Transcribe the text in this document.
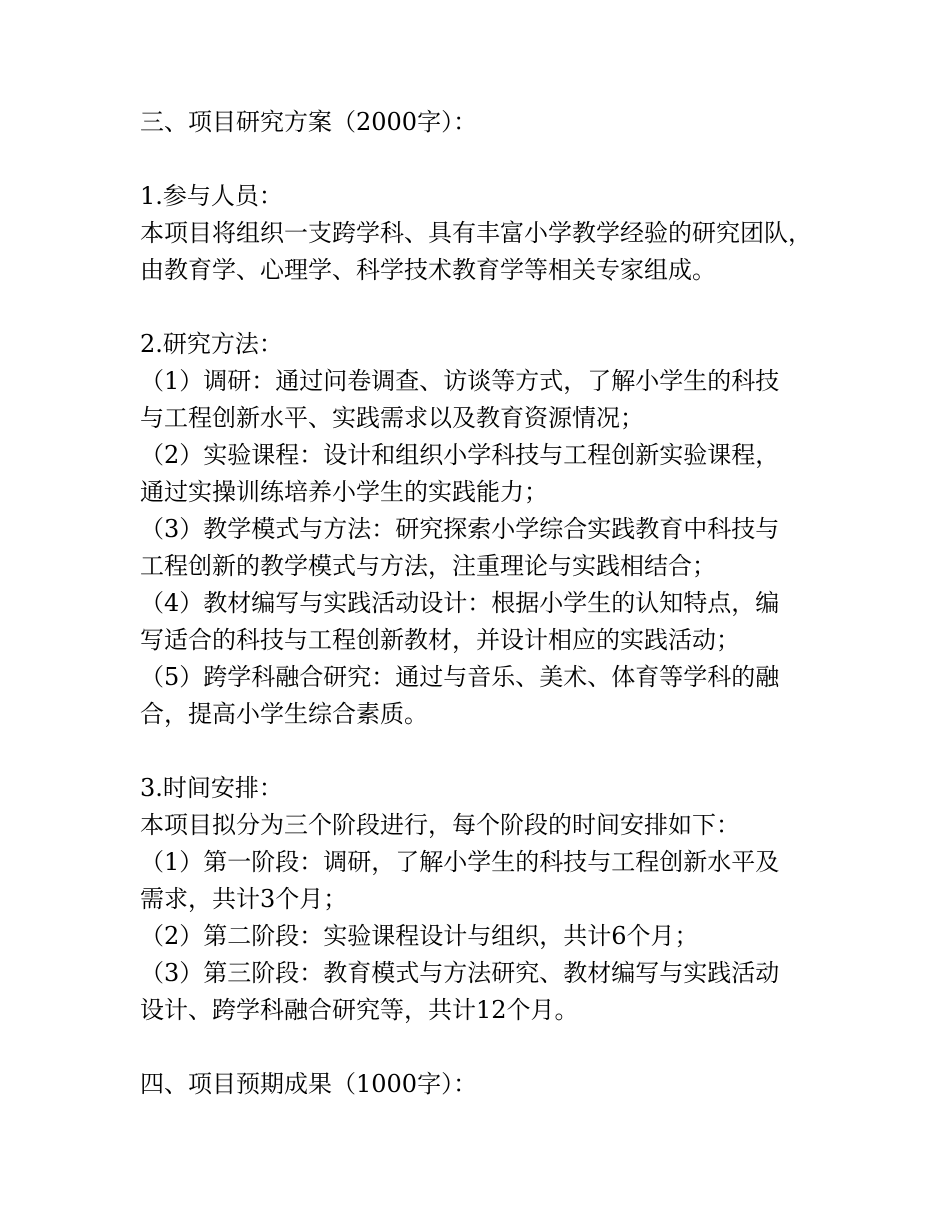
三、项目研究方案（2000字）：
1.参与人员：
本项目将组织一支跨学科、具有丰富小学教学经验的研究团队，
由教育学、心理学、科学技术教育学等相关专家组成。
2.研究方法：
（1）调研：通过问卷调查、访谈等方式，了解小学生的科技
与工程创新水平、实践需求以及教育资源情况；
（2）实验课程：设计和组织小学科技与工程创新实验课程，
通过实操训练培养小学生的实践能力；
（3）教学模式与方法：研究探索小学综合实践教育中科技与
工程创新的教学模式与方法，注重理论与实践相结合；
（4）教材编写与实践活动设计：根据小学生的认知特点，编
写适合的科技与工程创新教材，并设计相应的实践活动；
（5）跨学科融合研究：通过与音乐、美术、体育等学科的融
合，提高小学生综合素质。
3.时间安排：
本项目拟分为三个阶段进行，每个阶段的时间安排如下：
（1）第一阶段：调研，了解小学生的科技与工程创新水平及
需求，共计3个月；
（2）第二阶段：实验课程设计与组织，共计6个月；
（3）第三阶段：教育模式与方法研究、教材编写与实践活动
设计、跨学科融合研究等，共计12个月。
四、项目预期成果（1000字）：
